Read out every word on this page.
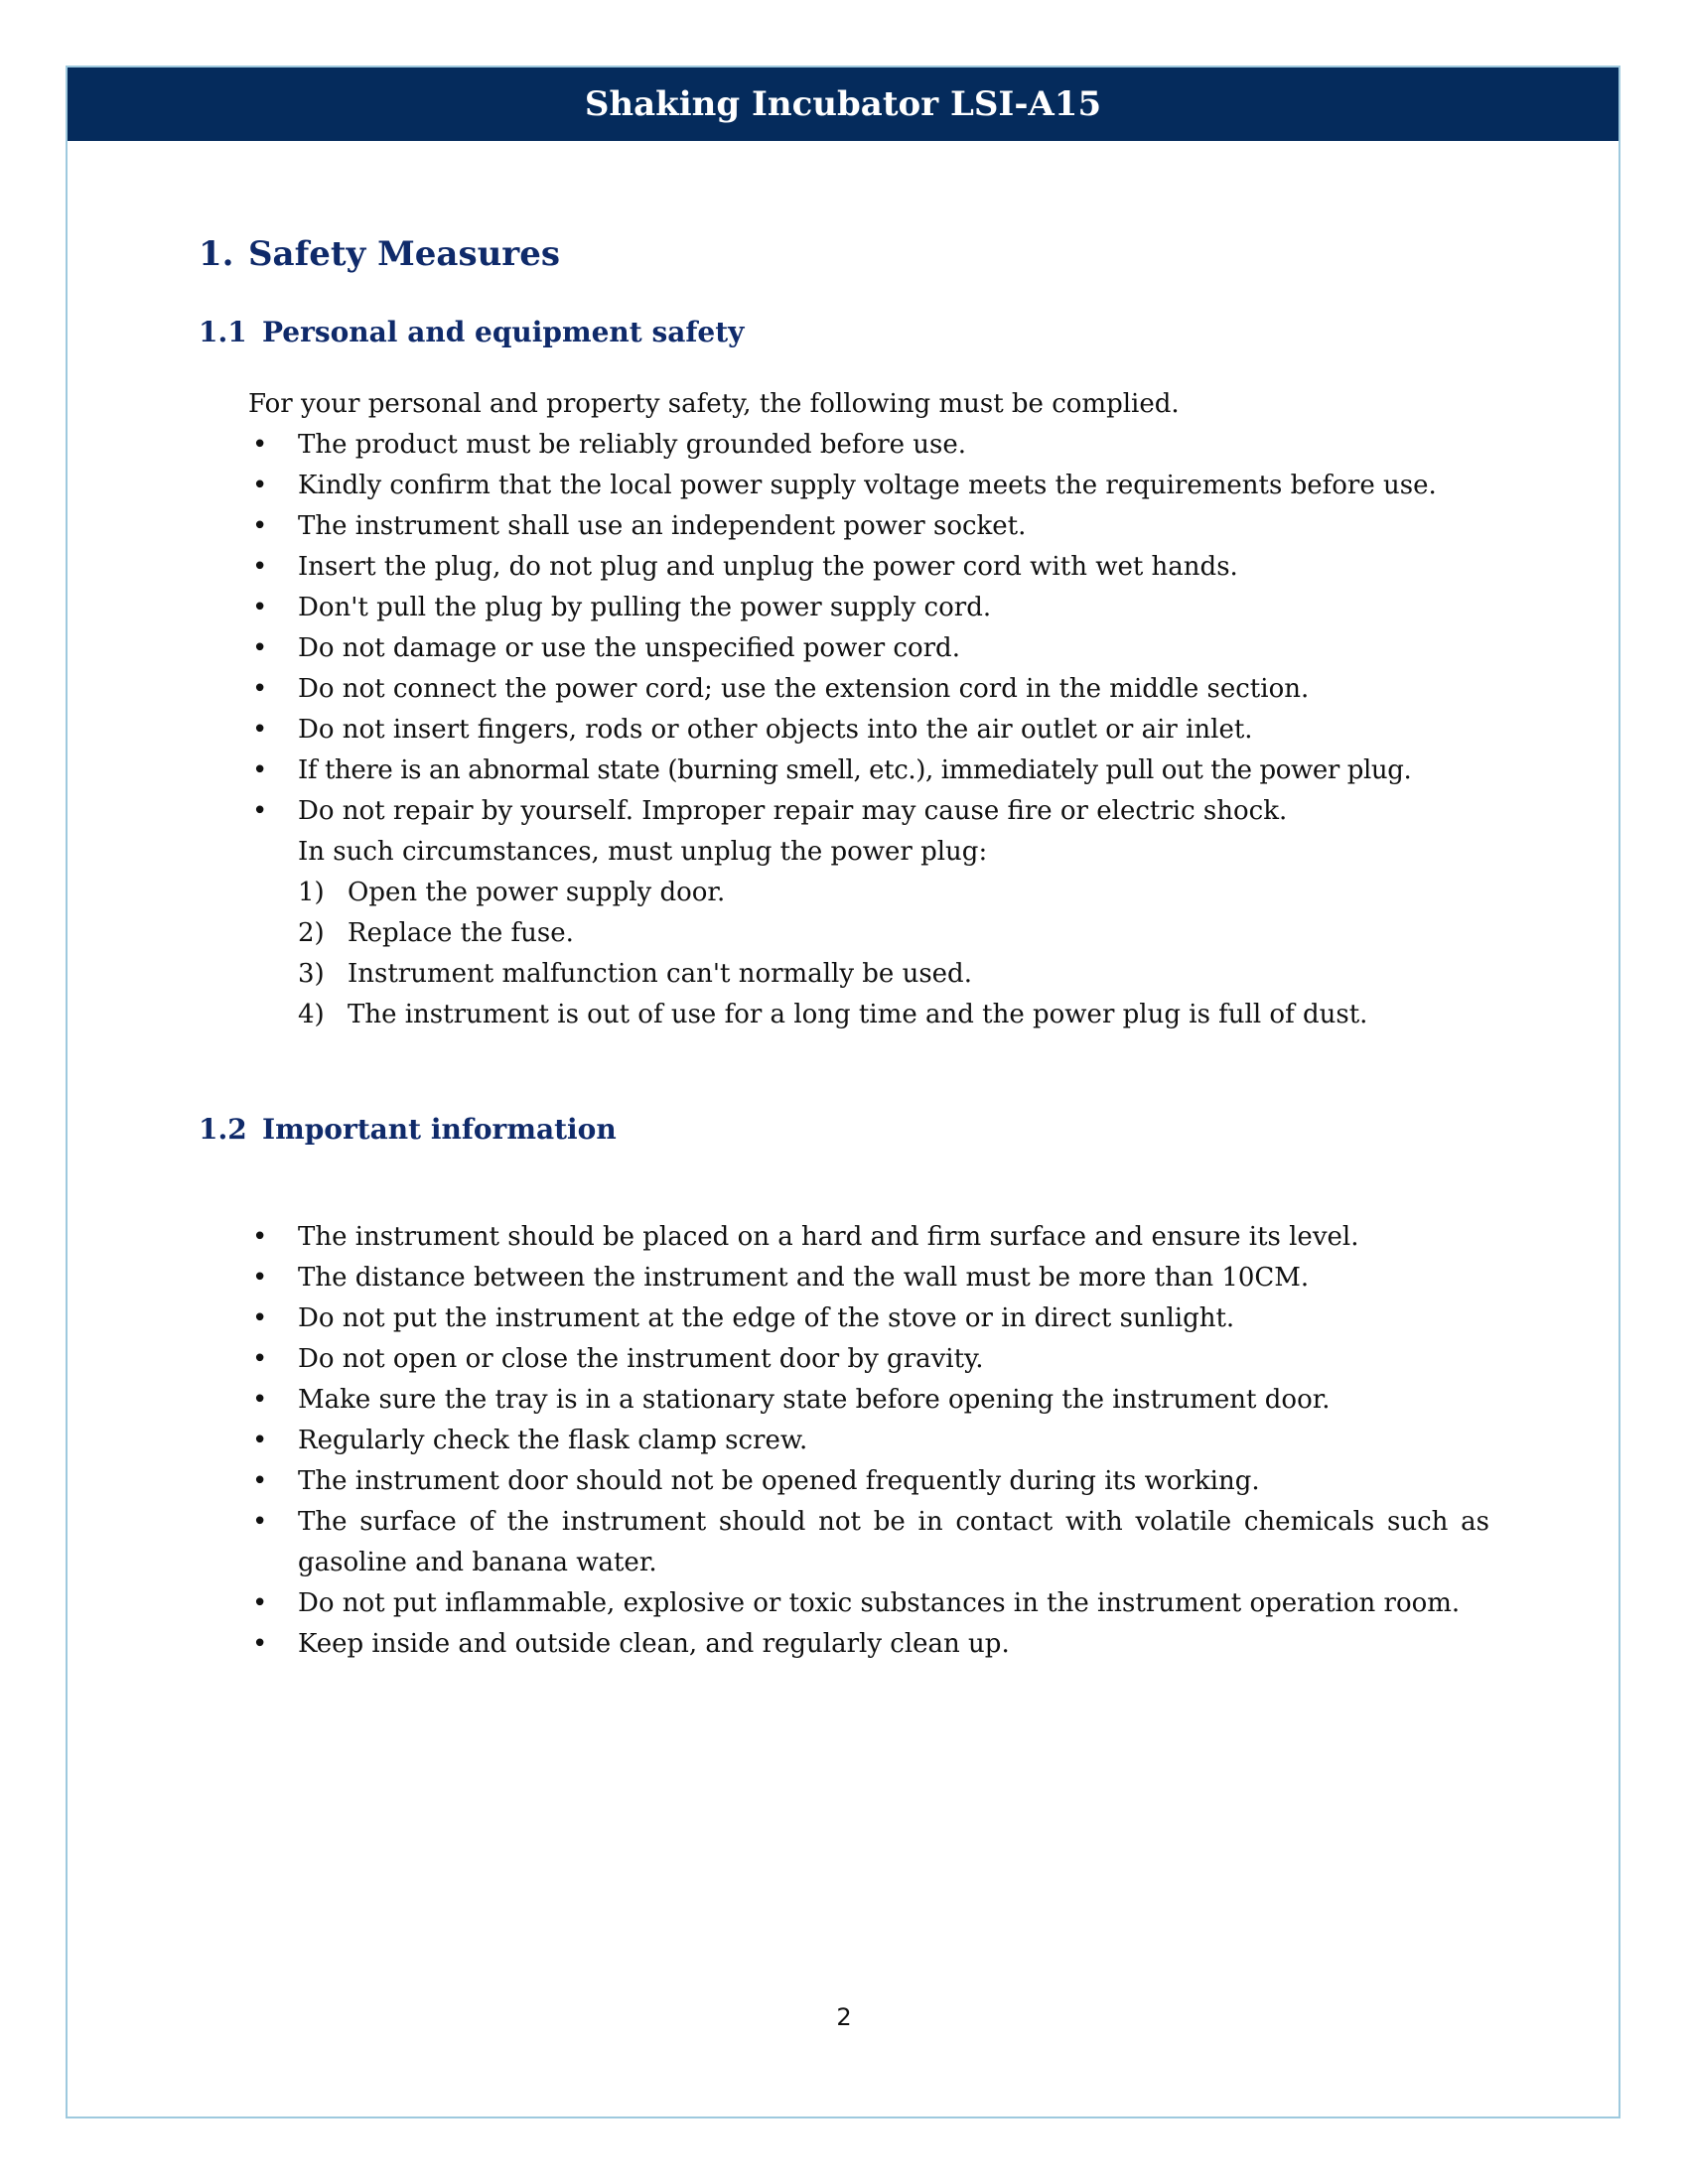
Shaking Incubator LSI-A15
1. Safety Measures
1.1 Personal and equipment safety
For your personal and property safety, the following must be complied.
• The product must be reliably grounded before use.
• Kindly confirm that the local power supply voltage meets the requirements before use.
• The instrument shall use an independent power socket.
• Insert the plug, do not plug and unplug the power cord with wet hands.
• Don't pull the plug by pulling the power supply cord.
• Do not damage or use the unspecified power cord.
• Do not connect the power cord; use the extension cord in the middle section.
• Do not insert fingers, rods or other objects into the air outlet or air inlet.
• If there is an abnormal state (burning smell, etc.), immediately pull out the power plug.
• Do not repair by yourself. Improper repair may cause fire or electric shock.
In such circumstances, must unplug the power plug:
1) Open the power supply door.
2) Replace the fuse.
3) Instrument malfunction can't normally be used.
4) The instrument is out of use for a long time and the power plug is full of dust.
1.2 Important information
• The instrument should be placed on a hard and firm surface and ensure its level.
• The distance between the instrument and the wall must be more than 10CM.
• Do not put the instrument at the edge of the stove or in direct sunlight.
• Do not open or close the instrument door by gravity.
• Make sure the tray is in a stationary state before opening the instrument door.
• Regularly check the flask clamp screw.
• The instrument door should not be opened frequently during its working.
• The surface of the instrument should not be in contact with volatile chemicals such as gasoline and banana water.
• Do not put inflammable, explosive or toxic substances in the instrument operation room.
• Keep inside and outside clean, and regularly clean up.
2
